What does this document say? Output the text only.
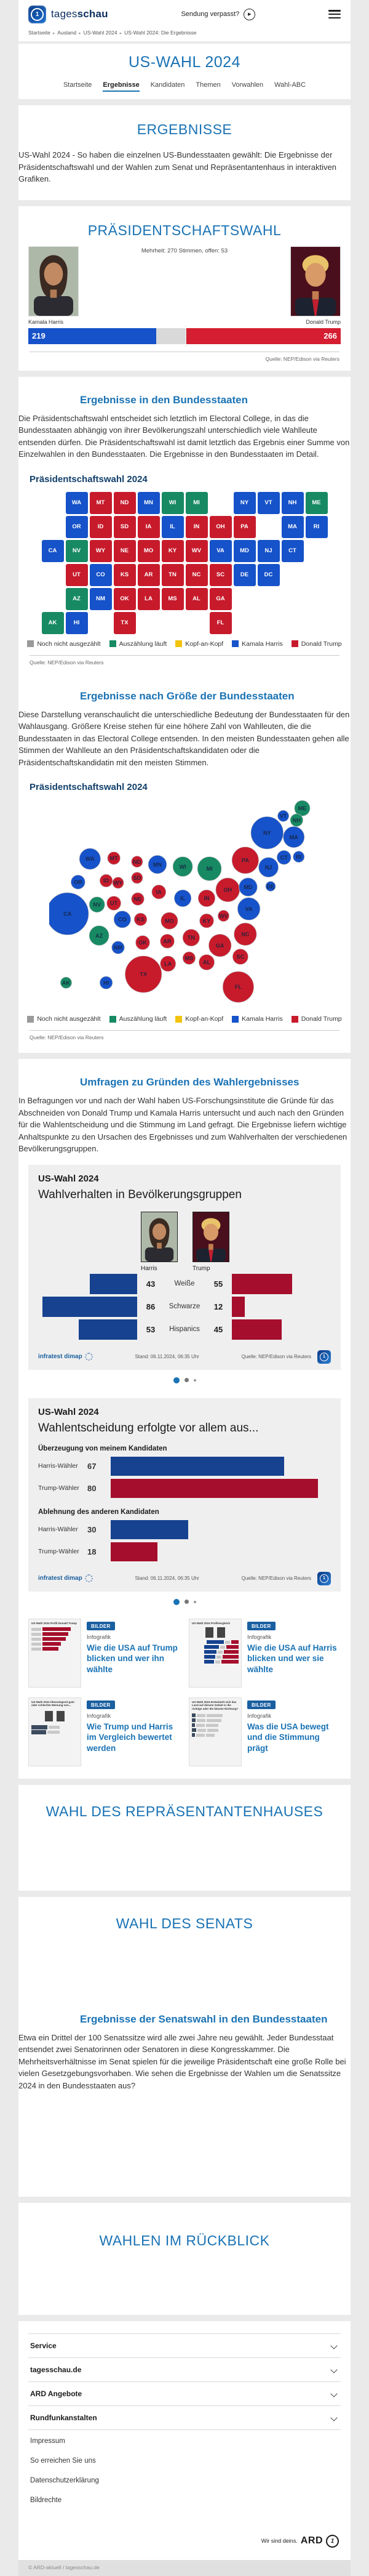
1	tagesschau	Sendung verpasst?	▶
Startseite ▸ Ausland ▸ US-Wahl 2024 ▸ US-Wahl 2024: Die Ergebnisse
US-WAHL 2024
Startseite Ergebnisse Kandidaten Themen Vorwahlen Wahl-ABC
ERGEBNISSE

US-Wahl 2024 - So haben die einzelnen US-Bundesstaaten gewählt: Die Ergebnisse der Präsidentschaftswahl und der Wahlen zum Senat und Repräsentantenhaus in interaktiven Grafiken.

PRÄSIDENTSCHAFTSWAHL
Mehrheit: 270 Stimmen, offen: 53
Kamala Harris	Donald Trump
219	266
Quelle: NEP/Edison via Reuters
Ergebnisse in den Bundesstaaten

Die Präsidentschaftswahl entscheidet sich letztlich im Electoral College, in das die Bundesstaaten abhängig von ihrer Bevölkerungszahl unterschiedlich viele Wahlleute entsenden dürfen. Die Präsidentschaftswahl ist damit letztlich das Ergebnis einer Summe von Einzelwahlen in den Bundesstaaten. Die Ergebnisse in den Bundesstaaten im Detail.

Präsidentschaftswahl 2024
WA	MT	ND	MN	WI	MI	NY	VT	NH	ME
OR	ID	SD	IA	IL	IN	OH	PA	MA	RI
CA	NV	WY	NE	MO	KY	WV	VA	MD	NJ	CT
UT	CO	KS	AR	TN	NC	SC	DE	DC
AZ	NM	OK	LA	MS	AL	GA
AK	HI	TX	FL
Noch nicht ausgezählt	Auszählung läuft	Kopf-an-Kopf	Kamala Harris	Donald Trump
Quelle: NEP/Edison via Reuters
Ergebnisse nach Größe der Bundesstaaten

Diese Darstellung veranschaulicht die unterschiedliche Bedeutung der Bundesstaaten für den Wahlausgang. Größere Kreise stehen für eine höhere Zahl von Wahlleuten, die die Bundesstaaten in das Electoral College entsenden. In den meisten Bundesstaaten gehen alle Stimmen der Wahlleute an den Präsidentschaftskandidaten oder die Präsidentschaftskandidatin mit den meisten Stimmen.

Präsidentschaftswahl 2024
ME
VT
NH
NY
MA
WA	MT
ND MN	WI	MI
PA
NJ
CT RI
OR	ID WY
SD
IA	OH MD	DE
CA
NV UT
NE	IL	IN
VA
CO KS	MO	KY
WV
NC
AZ
NM
OK	AR
TN
GA
SC
TX
LA
MS
AL
FL
AK	HI
Noch nicht ausgezählt	Auszählung läuft	Kopf-an-Kopf	Kamala Harris	Donald Trump
Quelle: NEP/Edison via Reuters
Umfragen zu Gründen des Wahlergebnisses

In Befragungen vor und nach der Wahl haben US-Forschungsinstitute die Gründe für das Abschneiden von Donald Trump und Kamala Harris untersucht und auch nach den Gründen für die Wahlentscheidung und die Stimmung im Land gefragt. Die Ergebnisse liefern wichtige Anhaltspunkte zu den Ursachen des Ergebnisses und zum Wahlverhalten der verschiedenen Bevölkerungsgruppen.

US-Wahl 2024
Wahlverhalten in Bevölkerungsgruppen
Harris	Trump
43	Weiße	55
86	Schwarze	12
53	Hispanics	45
infratest dimap	Stand: 06.11.2024, 06:35 Uhr	Quelle: NEP/Edison via Reuters	1
US-Wahl 2024
Wahlentscheidung erfolgte vor allem aus...
Überzeugung von meinem Kandidaten
Harris-Wähler	67
Trump-Wähler	80
Ablehnung des anderen Kandidaten
Harris-Wähler	30
Trump-Wähler	18
infratest dimap	Stand: 06.11.2024, 06:35 Uhr	Quelle: NEP/Edison via Reuters	1
US-Wahl 2024 Profil Donald Trump
BILDER
Infografik
Wie die USA auf Trump blicken und wer ihn wählte
US-Wahl 2024 Profilvergleich
BILDER
Infografik
Wie die USA auf Harris blicken und wer sie wählte
US-Wahl 2024 Überwiegend gute oder schlechte Meinung von...	BILDER
Infografik
Wie Trump und Harris im Vergleich bewertet werden
US-Wahl 2024 Entwickelt sich das Land auf diesem Gebiet in die richtige oder die falsche Richtung?
BILDER
Infografik
Was die USA bewegt und die Stimmung prägt
WAHL DES REPRÄSENTANTENHAUSES
WAHL DES SENATS
Ergebnisse der Senatswahl in den Bundesstaaten

Etwa ein Drittel der 100 Senatssitze wird alle zwei Jahre neu gewählt. Jeder Bundesstaat entsendet zwei Senatorinnen oder Senatoren in diese Kongresskammer. Die Mehrheitsverhältnisse im Senat spielen für die jeweilige Präsidentschaft eine große Rolle bei vielen Gesetzgebungsvorhaben. Wie sehen die Ergebnisse der Wahlen um die Senatssitze 2024 in den Bundesstaaten aus?

WAHLEN IM RÜCKBLICK
Service
tagesschau.de
ARD Angebote
Rundfunkanstalten
Impressum
So erreichen Sie uns
Datenschutzerklärung
Bildrechte
Wir sind deins. ARD	1
© ARD-aktuell / tagesschau.de
